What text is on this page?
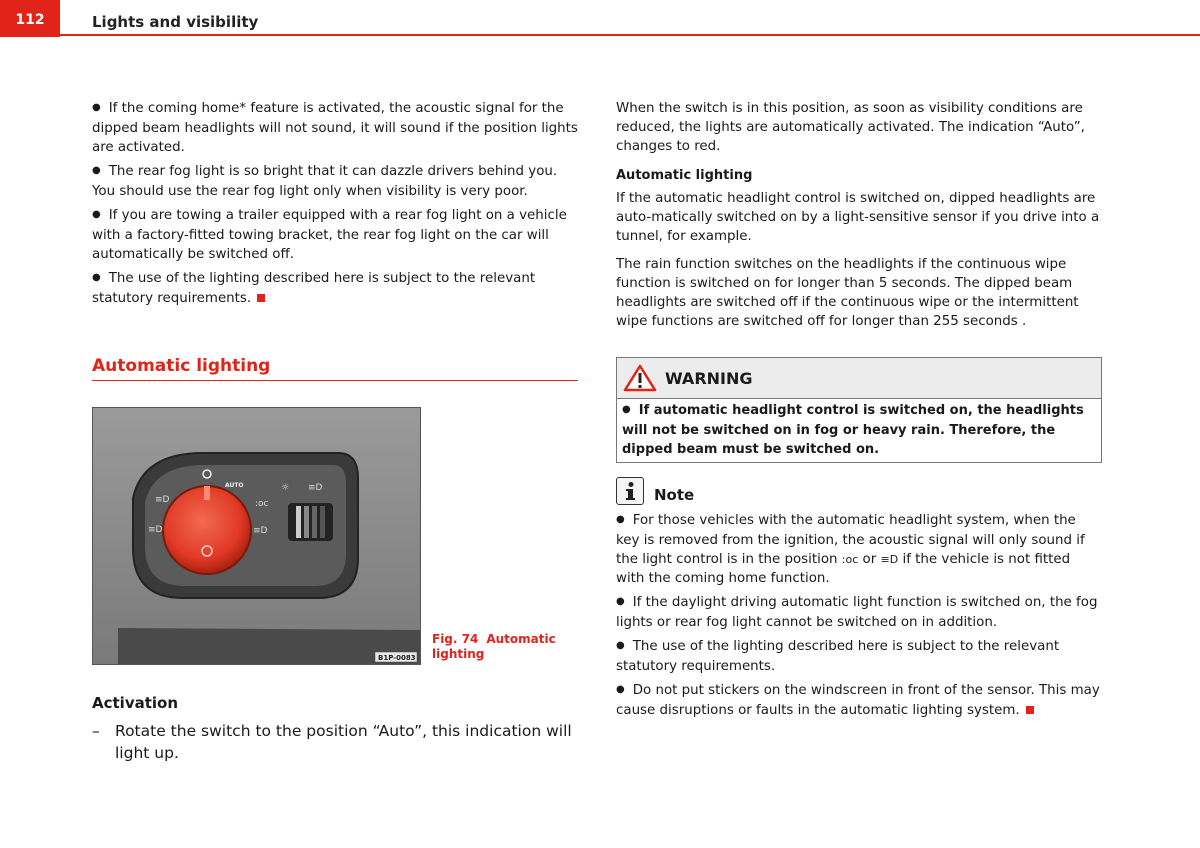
112	Lights and visibility

● If the coming home* feature is activated, the acoustic signal for the dipped beam headlights will not sound, it will sound if the position lights are activated.

● The rear fog light is so bright that it can dazzle drivers behind you. You should use the rear fog light only when visibility is very poor.

● If you are towing a trailer equipped with a rear fog light on a vehicle with a factory-fitted towing bracket, the rear fog light on the car will automatically be switched off.

● The use of the lighting described here is subject to the relevant statutory requirements.

Automatic lighting
AUTO
≡D
≡D
:oc
≡D
☼ ≡D
B1P-0083
Fig. 74 Automatic lighting
Activation
– Rotate the switch to the position “Auto”, this indication will light up.

When the switch is in this position, as soon as visibility conditions are reduced, the lights are automatically activated. The indication “Auto”, changes to red.

Automatic lighting

If the automatic headlight control is switched on, dipped headlights are auto-matically switched on by a light-sensitive sensor if you drive into a tunnel, for example.

The rain function switches on the headlights if the continuous wipe function is switched on for longer than 5 seconds. The dipped beam headlights are switched off if the continuous wipe or the intermittent wipe functions are switched off for longer than 255 seconds .

WARNING
● If automatic headlight control is switched on, the headlights will not be switched on in fog or heavy rain. Therefore, the dipped beam must be switched on.
Note

● For those vehicles with the automatic headlight system, when the key is removed from the ignition, the acoustic signal will only sound if the light control is in the position :oc or ≡D if the vehicle is not fitted with the coming home function.

● If the daylight driving automatic light function is switched on, the fog lights or rear fog light cannot be switched on in addition.

● The use of the lighting described here is subject to the relevant statutory requirements.

● Do not put stickers on the windscreen in front of the sensor. This may cause disruptions or faults in the automatic lighting system.
